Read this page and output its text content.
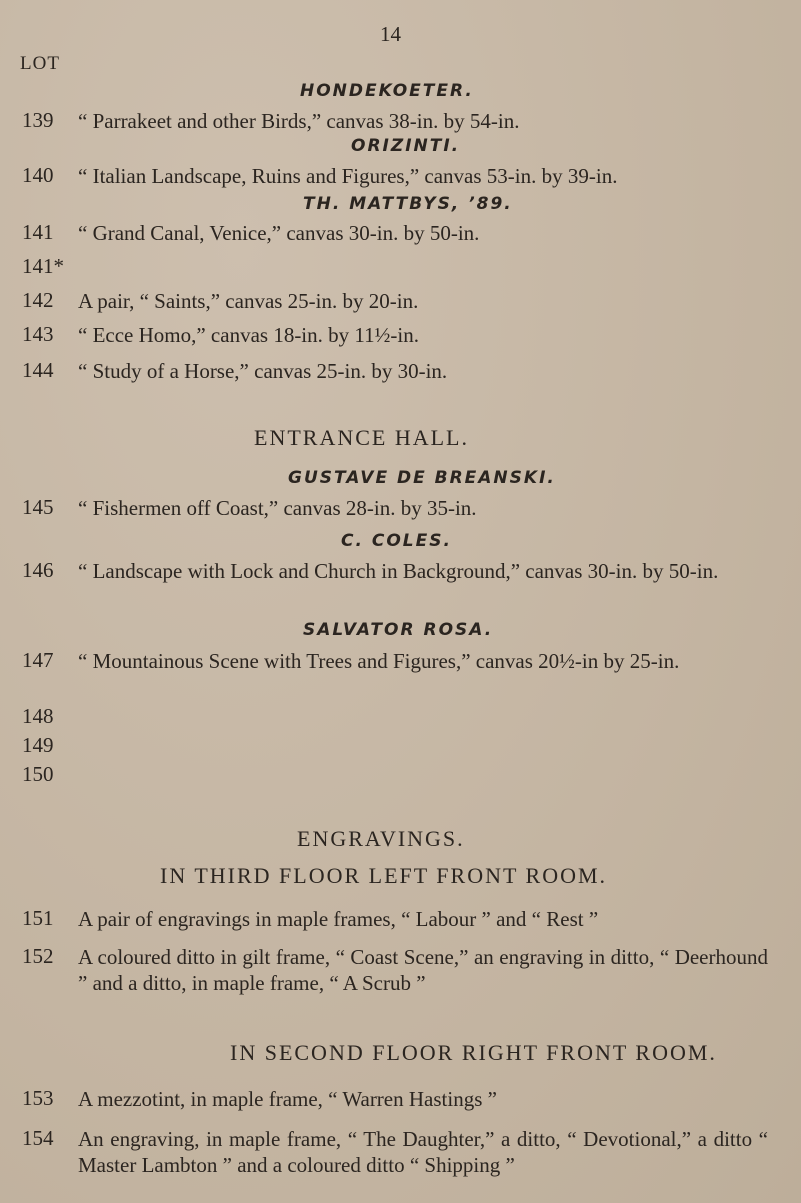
14
LOT
HONDEKOETER.
139 “ Parrakeet and other Birds,” canvas 38-in. by 54-in.
ORIZINTI.
140 “ Italian Landscape, Ruins and Figures,” canvas 53-in. by 39-in.
TH. MATTBYS, ’89.
141 “ Grand Canal, Venice,” canvas 30-in. by 50-in.
141*
142 A pair, “ Saints,” canvas 25-in. by 20-in.
143 “ Ecce Homo,” canvas 18-in. by 11½-in.
144 “ Study of a Horse,” canvas 25-in. by 30-in.
ENTRANCE HALL.
GUSTAVE DE BREANSKI.
145 “ Fishermen off Coast,” canvas 28-in. by 35-in.
C. COLES.
146 “ Landscape with Lock and Church in Background,” canvas 30-in. by 50-in.
SALVATOR ROSA.
147 “ Mountainous Scene with Trees and Figures,” canvas 20½-in by 25-in.
148
149
150
ENGRAVINGS.
IN THIRD FLOOR LEFT FRONT ROOM.
151 A pair of engravings in maple frames, “ Labour ” and “ Rest ”
152 A coloured ditto in gilt frame, “ Coast Scene,” an engraving in ditto, “ Deerhound ” and a ditto, in maple frame, “ A Scrub ”
IN SECOND FLOOR RIGHT FRONT ROOM.
153 A mezzotint, in maple frame, “ Warren Hastings ”
154 An engraving, in maple frame, “ The Daughter,” a ditto, “ Devotional,” a ditto “ Master Lambton ” and a coloured ditto “ Shipping ”
